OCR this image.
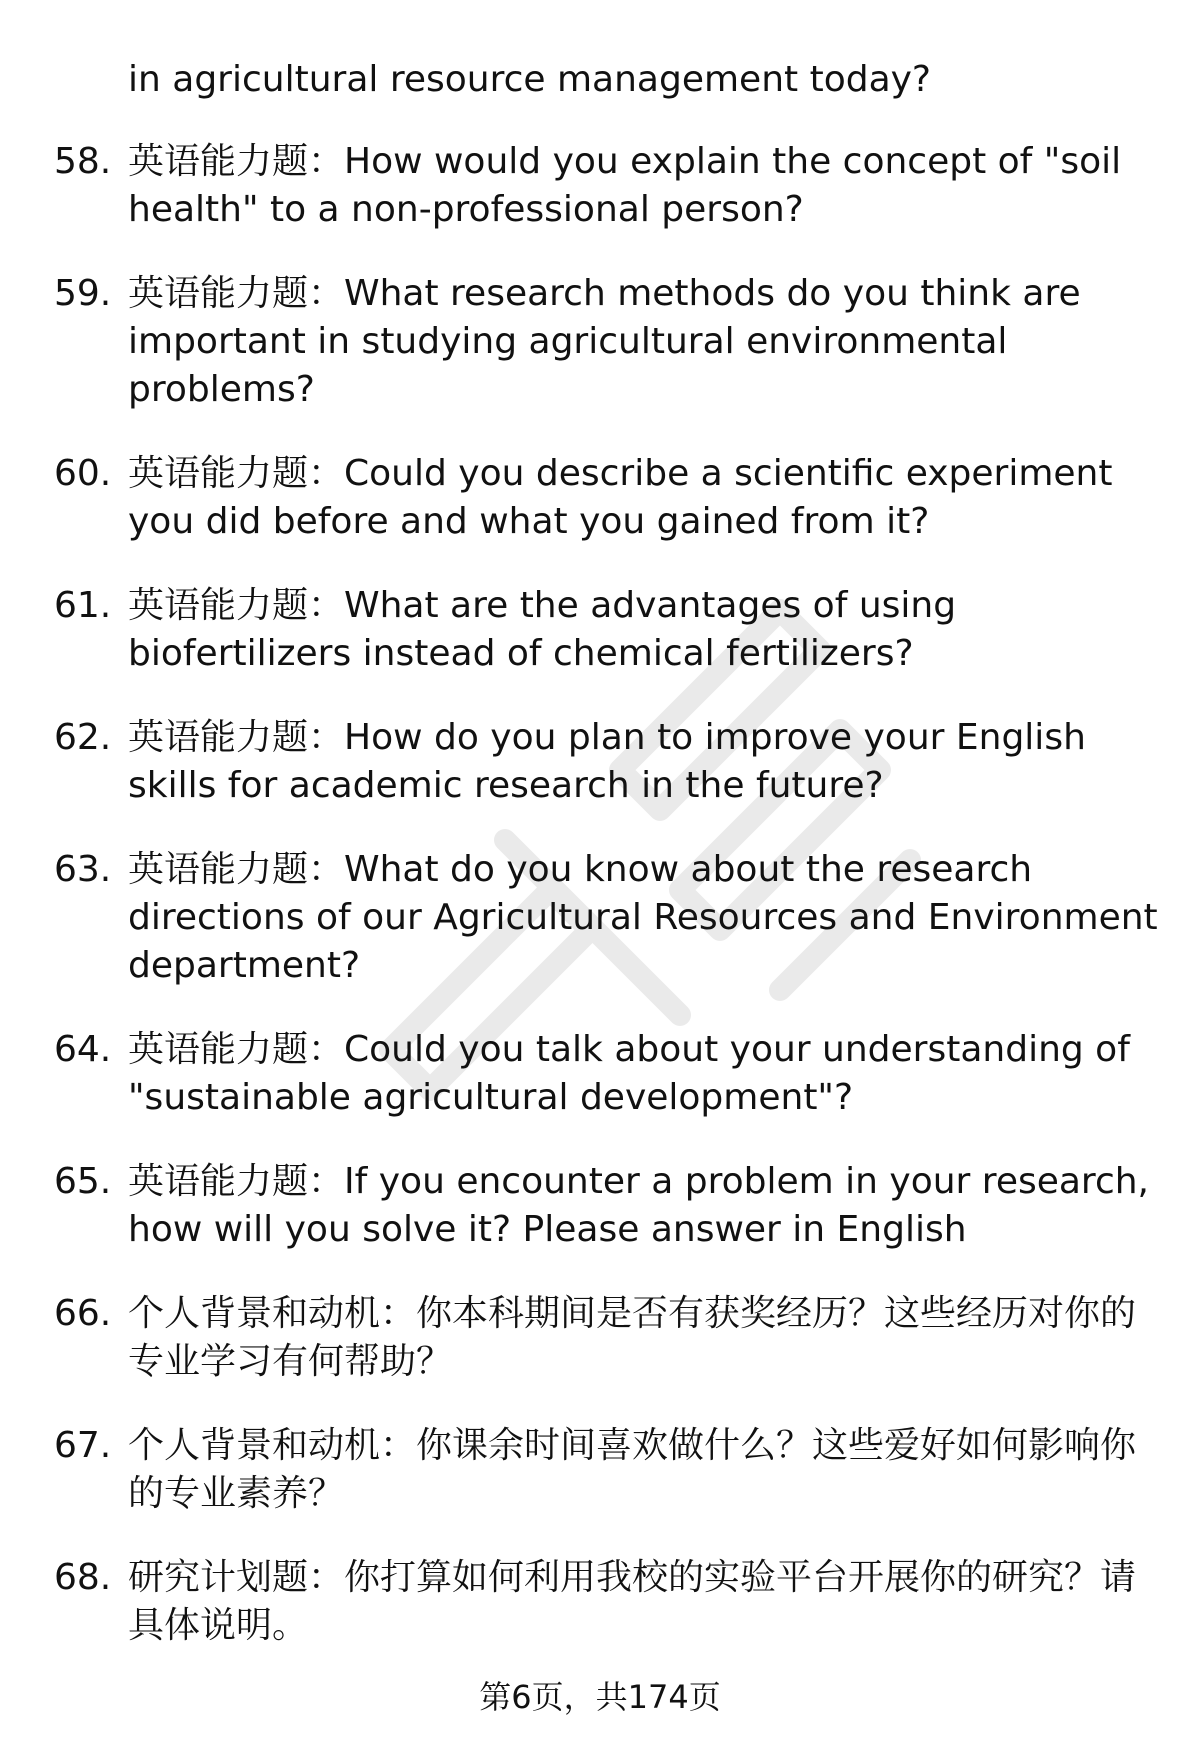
in agricultural resource management today?
58. 英语能力题：How would you explain the concept of "soil health" to a non-professional person?
59. 英语能力题：What research methods do you think are important in studying agricultural environmental problems?
60. 英语能力题：Could you describe a scientific experiment you did before and what you gained from it?
61. 英语能力题：What are the advantages of using biofertilizers instead of chemical fertilizers?
62. 英语能力题：How do you plan to improve your English skills for academic research in the future?
63. 英语能力题：What do you know about the research directions of our Agricultural Resources and Environment department?
64. 英语能力题：Could you talk about your understanding of "sustainable agricultural development"?
65. 英语能力题：If you encounter a problem in your research, how will you solve it? Please answer in English
66. 个人背景和动机：你本科期间是否有获奖经历？这些经历对你的专业学习有何帮助？
67. 个人背景和动机：你课余时间喜欢做什么？这些爱好如何影响你的专业素养？
68. 研究计划题：你打算如何利用我校的实验平台开展你的研究？请具体说明。
第6页，共174页
